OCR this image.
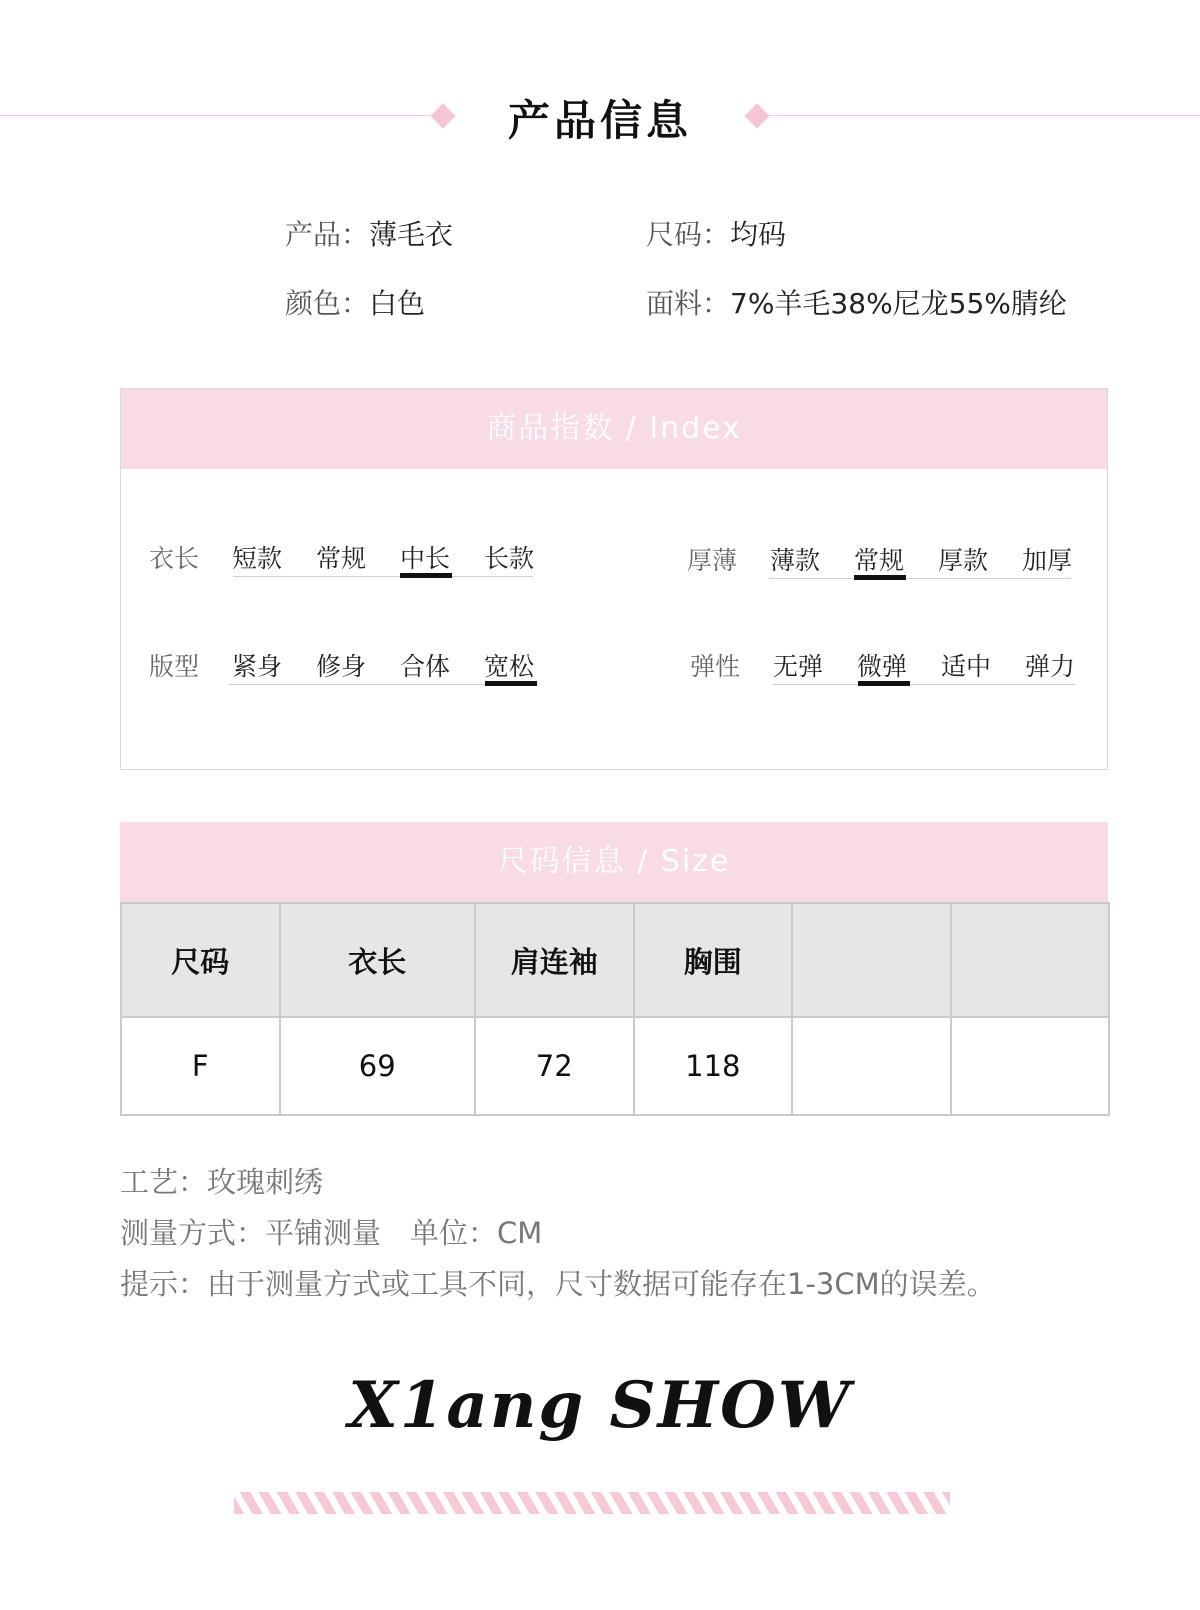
产品信息
产品：薄毛衣	尺码：均码
颜色：白色	面料：7%羊毛38%尼龙55%腈纶
商品指数 / Index
衣长	短款	常规	中长	长款	厚薄	薄款	常规	厚款	加厚
版型	紧身	修身	合体	宽松	弹性	无弹	微弹	适中	弹力
尺码信息 / Size
尺码	衣长	肩连袖	胸围		
F	69	72	118		
工艺：玫瑰刺绣
测量方式：平铺测量　单位：CM
提示：由于测量方式或工具不同，尺寸数据可能存在1-3CM的误差。
X1ang SHOW
